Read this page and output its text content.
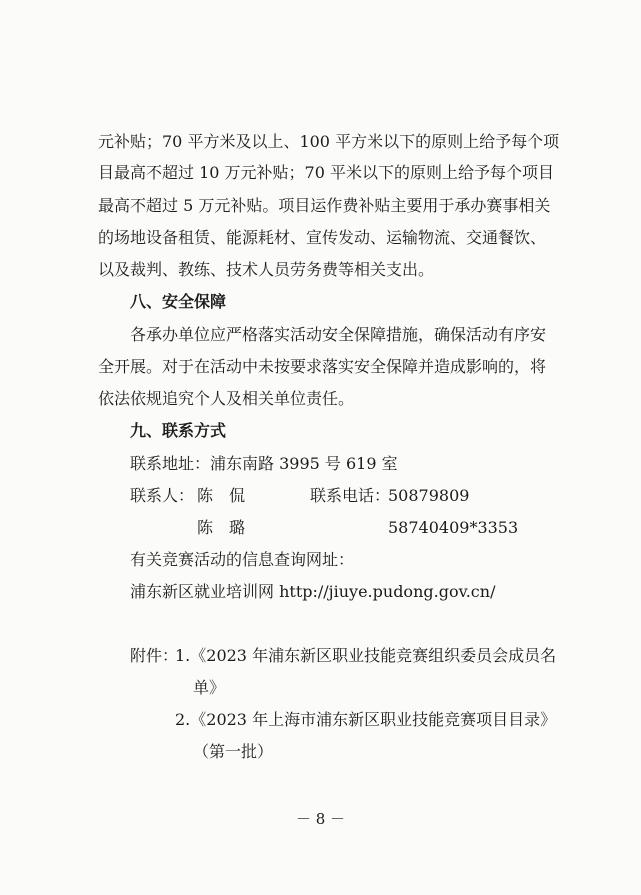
元补贴；70 平方米及以上、100 平方米以下的原则上给予每个项
目最高不超过 10 万元补贴；70 平米以下的原则上给予每个项目
最高不超过 5 万元补贴。项目运作费补贴主要用于承办赛事相关
的场地设备租赁、能源耗材、宣传发动、运输物流、交通餐饮、
以及裁判、教练、技术人员劳务费等相关支出。
八、安全保障
各承办单位应严格落实活动安全保障措施，确保活动有序安
全开展。对于在活动中未按要求落实安全保障并造成影响的，将
依法依规追究个人及相关单位责任。
九、联系方式
联系地址：浦东南路 3995 号 619 室
联系人： 陈　侃	联系电话：
50879809
陈　璐	58740409*3353
有关竞赛活动的信息查询网址：
浦东新区就业培训网 http://jiuye.pudong.gov.cn/
附件：
1.《2023 年浦东新区职业技能竞赛组织委员会成员名
单》
2.《2023 年上海市浦东新区职业技能竞赛项目目录》
（第一批）
－ 8 －
